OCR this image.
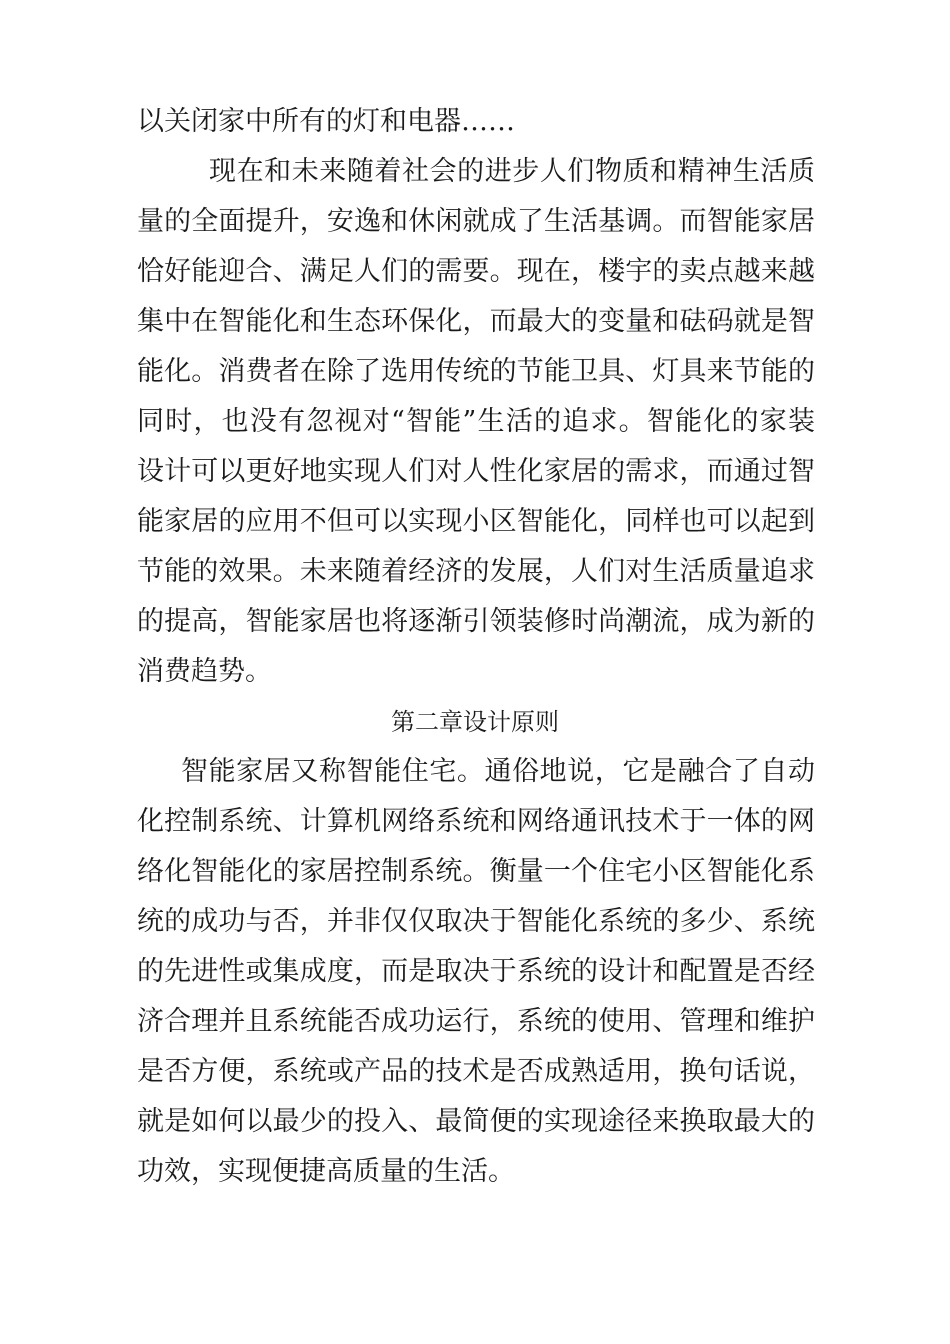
以关闭家中所有的灯和电器……
现在和未来随着社会的进步人们物质和精神生活质
量的全面提升，安逸和休闲就成了生活基调。而智能家居
恰好能迎合、满足人们的需要。现在，楼宇的卖点越来越
集中在智能化和生态环保化，而最大的变量和砝码就是智
能化。消费者在除了选用传统的节能卫具、灯具来节能的
同时，也没有忽视对“智能”生活的追求。智能化的家装
设计可以更好地实现人们对人性化家居的需求，而通过智
能家居的应用不但可以实现小区智能化，同样也可以起到
节能的效果。未来随着经济的发展，人们对生活质量追求
的提高，智能家居也将逐渐引领装修时尚潮流，成为新的
消费趋势。
第二章设计原则
智能家居又称智能住宅。通俗地说，它是融合了自动
化控制系统、计算机网络系统和网络通讯技术于一体的网
络化智能化的家居控制系统。衡量一个住宅小区智能化系
统的成功与否，并非仅仅取决于智能化系统的多少、系统
的先进性或集成度，而是取决于系统的设计和配置是否经
济合理并且系统能否成功运行，系统的使用、管理和维护
是否方便，系统或产品的技术是否成熟适用，换句话说，
就是如何以最少的投入、最简便的实现途径来换取最大的
功效，实现便捷高质量的生活。
